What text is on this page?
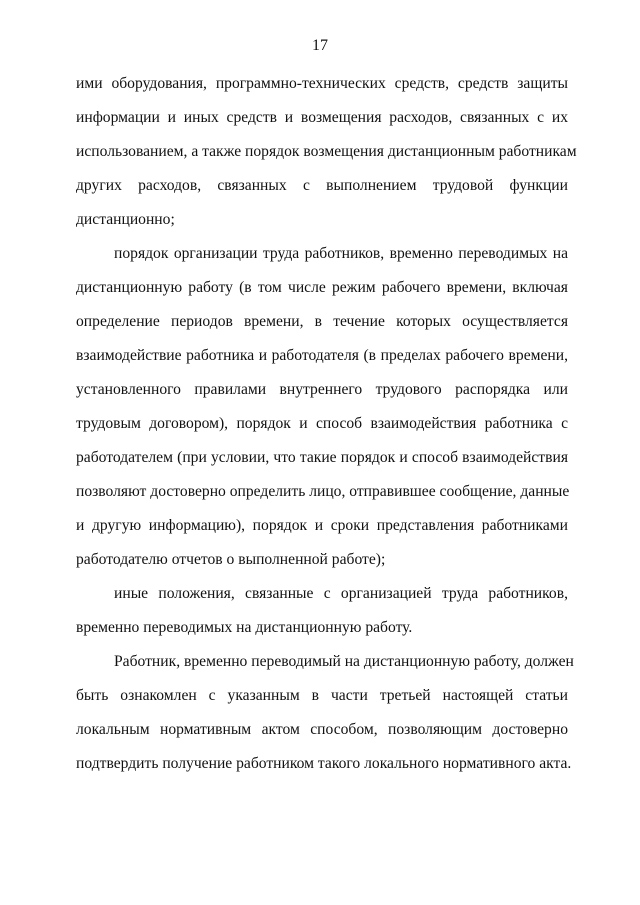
17
ими оборудования, программно-технических средств, средств защиты
информации и иных средств и возмещения расходов, связанных с их
использованием, а также порядок возмещения дистанционным работникам
других расходов, связанных с выполнением трудовой функции
дистанционно;
порядок организации труда работников, временно переводимых на
дистанционную работу (в том числе режим рабочего времени, включая
определение периодов времени, в течение которых осуществляется
взаимодействие работника и работодателя (в пределах рабочего времени,
установленного правилами внутреннего трудового распорядка или
трудовым договором), порядок и способ взаимодействия работника с
работодателем (при условии, что такие порядок и способ взаимодействия
позволяют достоверно определить лицо, отправившее сообщение, данные
и другую информацию), порядок и сроки представления работниками
работодателю отчетов о выполненной работе);
иные положения, связанные с организацией труда работников,
временно переводимых на дистанционную работу.
Работник, временно переводимый на дистанционную работу, должен
быть ознакомлен с указанным в части третьей настоящей статьи
локальным нормативным актом способом, позволяющим достоверно
подтвердить получение работником такого локального нормативного акта.
